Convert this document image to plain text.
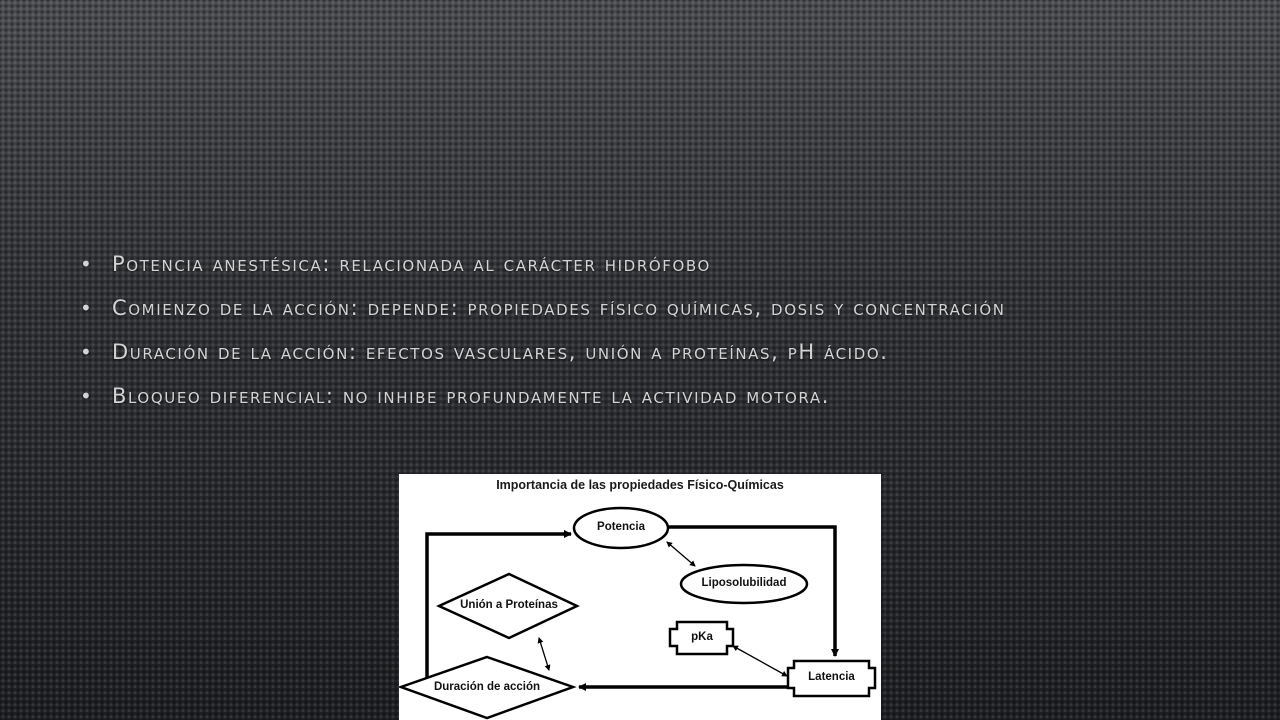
• Potencia anestésica: relacionada al carácter hidrófobo
• Comienzo de la acción: depende: propiedades físico químicas, dosis y concentración
• Duración de la acción: efectos vasculares, unión a proteínas, pH ácido.
• Bloqueo diferencial: no inhibe profundamente la actividad motora.
Importancia de las propiedades Físico-Químicas
Potencia
Liposolubilidad
Unión a Proteínas
pKa
Latencia
Duración de acción
